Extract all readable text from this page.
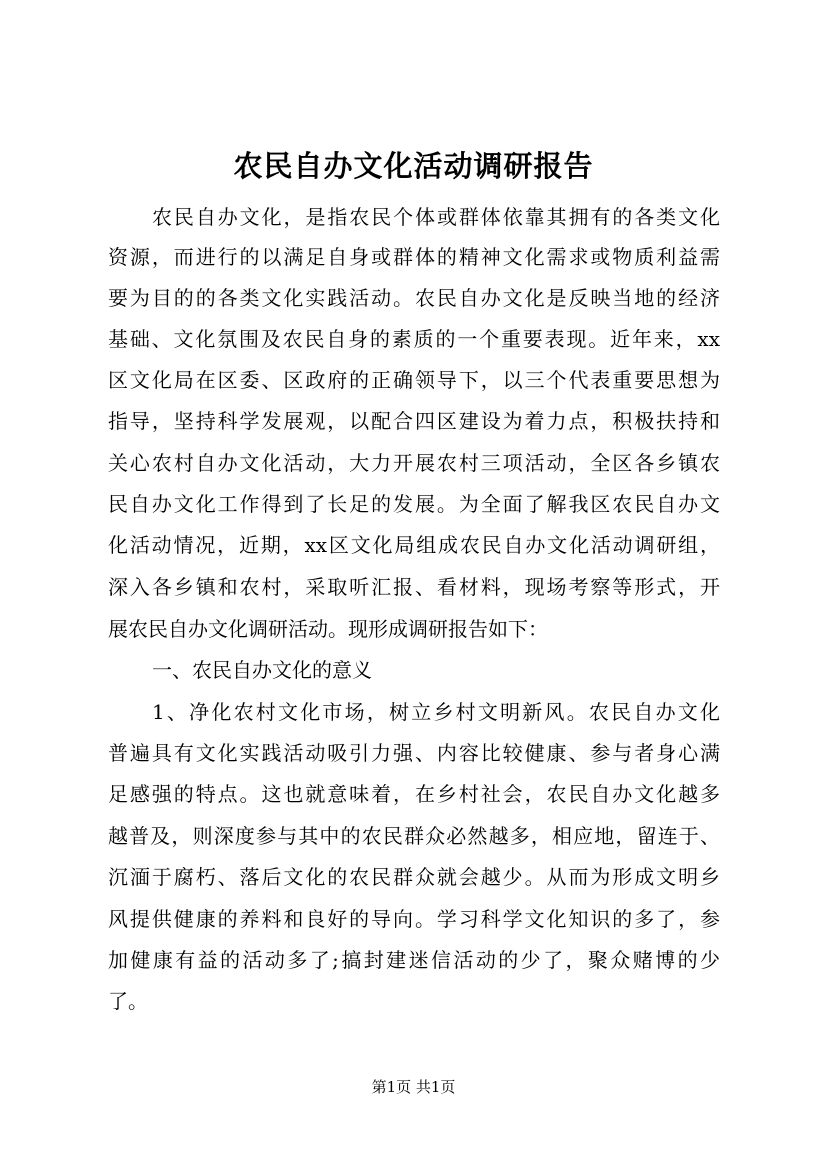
农民自办文化活动调研报告
农民自办文化，是指农民个体或群体依靠其拥有的各类文化
资源，而进行的以满足自身或群体的精神文化需求或物质利益需
要为目的的各类文化实践活动。农民自办文化是反映当地的经济
基础、文化氛围及农民自身的素质的一个重要表现。近年来，xx
区文化局在区委、区政府的正确领导下，以三个代表重要思想为
指导，坚持科学发展观，以配合四区建设为着力点，积极扶持和
关心农村自办文化活动，大力开展农村三项活动，全区各乡镇农
民自办文化工作得到了长足的发展。为全面了解我区农民自办文
化活动情况，近期，xx区文化局组成农民自办文化活动调研组，
深入各乡镇和农村，采取听汇报、看材料，现场考察等形式，开
展农民自办文化调研活动。现形成调研报告如下：
一、农民自办文化的意义
1、净化农村文化市场，树立乡村文明新风。农民自办文化
普遍具有文化实践活动吸引力强、内容比较健康、参与者身心满
足感强的特点。这也就意味着，在乡村社会，农民自办文化越多
越普及，则深度参与其中的农民群众必然越多，相应地，留连于、
沉湎于腐朽、落后文化的农民群众就会越少。从而为形成文明乡
风提供健康的养料和良好的导向。学习科学文化知识的多了，参
加健康有益的活动多了;搞封建迷信活动的少了，聚众赌博的少
了。
第1页 共1页
